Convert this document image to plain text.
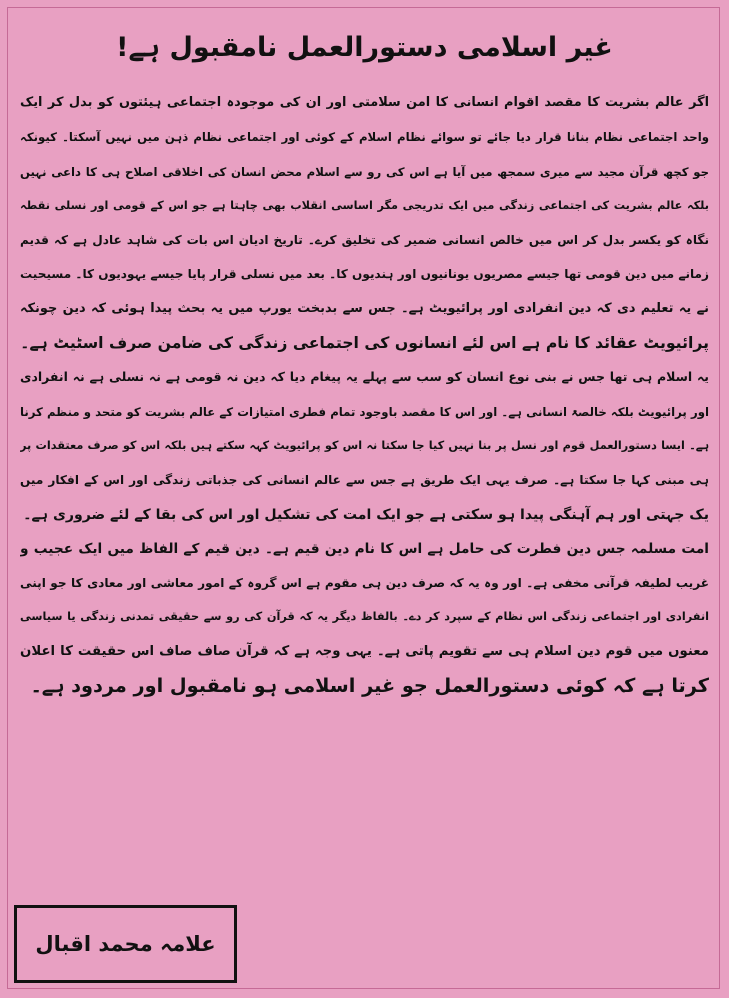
غیر اسلامی دستورالعمل نامقبول ہے!
اگر عالم بشریت کا مقصد اقوام انسانی کا امن سلامتی اور ان کی موجودہ اجتماعی ہیئتوں کو بدل کر ایک
واحد اجتماعی نظام بنانا قرار دیا جائے تو سوائے نظام اسلام کے کوئی اور اجتماعی نظام ذہن میں نہیں آسکتا۔ کیونکہ
جو کچھ قرآن مجید سے میری سمجھ میں آیا ہے اس کی رو سے اسلام محض انسان کی اخلاقی اصلاح ہی کا داعی نہیں
بلکہ عالم بشریت کی اجتماعی زندگی میں ایک تدریجی مگر اساسی انقلاب بھی چاہتا ہے جو اس کے قومی اور نسلی نقطہ
نگاہ کو یکسر بدل کر اس میں خالص انسانی ضمیر کی تخلیق کرے۔ تاریخ ادیان اس بات کی شاہد عادل ہے کہ قدیم
زمانے میں دین قومی تھا جیسے مصریوں یونانیوں اور ہندیوں کا۔ بعد میں نسلی قرار پایا جیسے یہودیوں کا۔ مسیحیت
نے یہ تعلیم دی کہ دین انفرادی اور پرائیویٹ ہے۔ جس سے بدبخت یورپ میں یہ بحث پیدا ہوئی کہ دین چونکہ
پرائیویٹ عقائد کا نام ہے اس لئے انسانوں کی اجتماعی زندگی کی ضامن صرف اسٹیٹ ہے۔
یہ اسلام ہی تھا جس نے بنی نوع انسان کو سب سے پہلے یہ پیغام دیا کہ دین نہ قومی ہے نہ نسلی ہے نہ انفرادی
اور پرائیویٹ بلکہ خالصۃ انسانی ہے۔ اور اس کا مقصد باوجود تمام فطری امتیازات کے عالم بشریت کو متحد و منظم کرنا
ہے۔ ایسا دستورالعمل قوم اور نسل پر بنا نہیں کیا جا سکتا نہ اس کو پرائیویٹ کہہ سکتے ہیں بلکہ اس کو صرف معتقدات پر
ہی مبنی کہا جا سکتا ہے۔ صرف یہی ایک طریق ہے جس سے عالم انسانی کی جذباتی زندگی اور اس کے افکار میں
یک جہتی اور ہم آہنگی پیدا ہو سکتی ہے جو ایک امت کی تشکیل اور اس کی بقا کے لئے ضروری ہے۔
امت مسلمہ جس دین فطرت کی حامل ہے اس کا نام دین قیم ہے۔ دین قیم کے الفاظ میں ایک عجیب و
غریب لطیفہ قرآنی مخفی ہے۔ اور وہ یہ کہ صرف دین ہی مقوم ہے اس گروہ کے امور معاشی اور معادی کا جو اپنی
انفرادی اور اجتماعی زندگی اس نظام کے سپرد کر دے۔ بالفاظ دیگر یہ کہ قرآن کی رو سے حقیقی تمدنی زندگی یا سیاسی
معنوں میں قوم دین اسلام ہی سے تقویم پاتی ہے۔ یہی وجہ ہے کہ قرآن صاف صاف اس حقیقت کا اعلان
کرتا ہے کہ کوئی دستورالعمل جو غیر اسلامی ہو نامقبول اور مردود ہے۔
علامہ محمد اقبال
